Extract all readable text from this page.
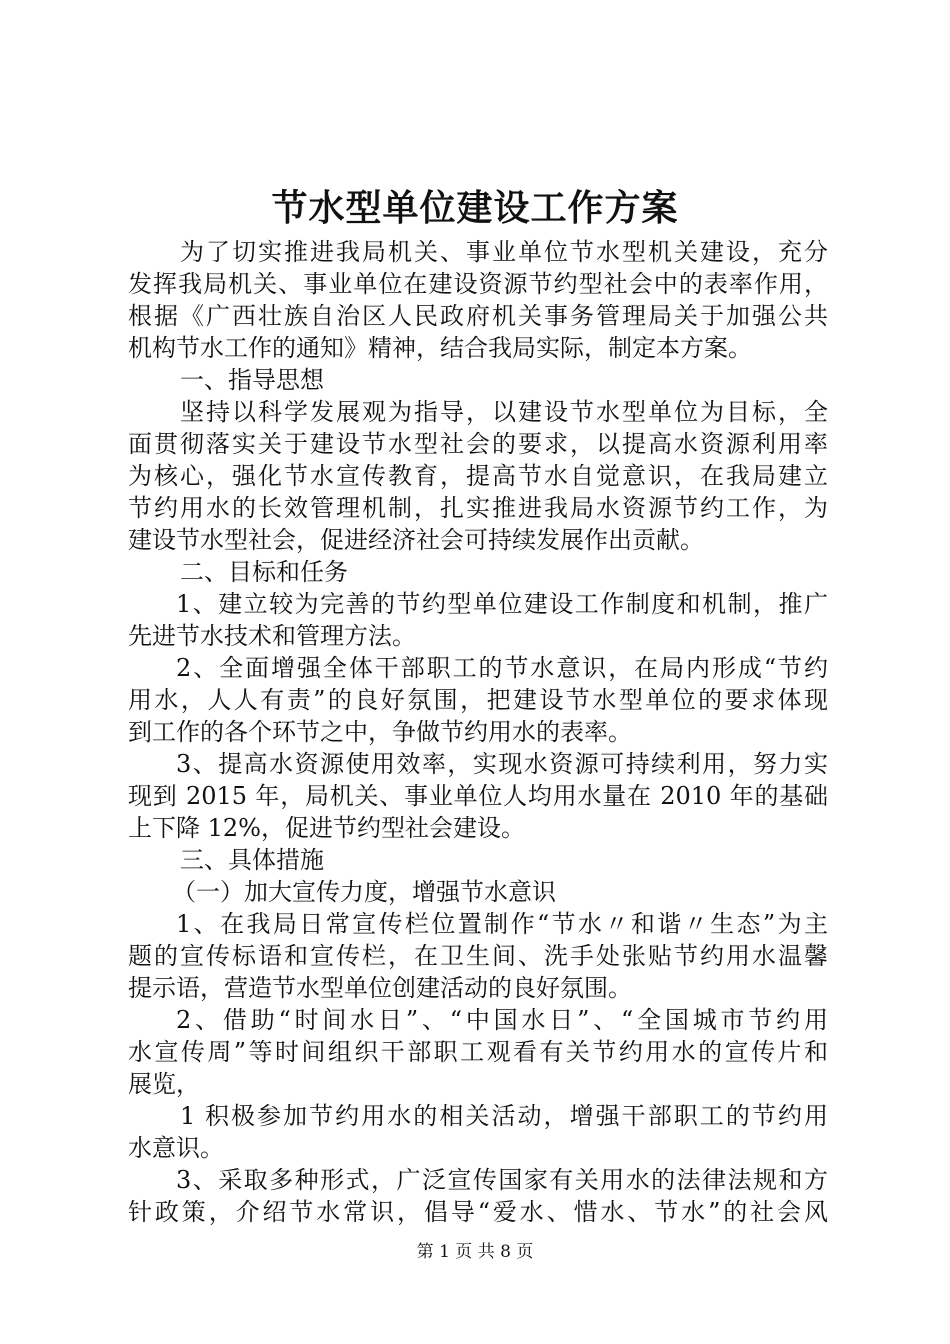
节水型单位建设工作方案
为了切实推进我局机关、事业单位节水型机关建设，充分
发挥我局机关、事业单位在建设资源节约型社会中的表率作用，
根据《广西壮族自治区人民政府机关事务管理局关于加强公共
机构节水工作的通知》精神，结合我局实际，制定本方案。
一、指导思想
坚持以科学发展观为指导，以建设节水型单位为目标，全
面贯彻落实关于建设节水型社会的要求，以提高水资源利用率
为核心，强化节水宣传教育，提高节水自觉意识，在我局建立
节约用水的长效管理机制，扎实推进我局水资源节约工作，为
建设节水型社会，促进经济社会可持续发展作出贡献。
二、目标和任务
1、建立较为完善的节约型单位建设工作制度和机制，推广
先进节水技术和管理方法。
2、全面增强全体干部职工的节水意识，在局内形成“节约
用水，人人有责”的良好氛围，把建设节水型单位的要求体现
到工作的各个环节之中，争做节约用水的表率。
3、提高水资源使用效率，实现水资源可持续利用，努力实
现到 2015 年，局机关、事业单位人均用水量在 2010 年的基础
上下降 12%，促进节约型社会建设。
三、具体措施
（一）加大宣传力度，增强节水意识
1、在我局日常宣传栏位置制作“节水〃和谐〃生态”为主
题的宣传标语和宣传栏，在卫生间、洗手处张贴节约用水温馨
提示语，营造节水型单位创建活动的良好氛围。
2、借助“时间水日”、“中国水日”、“全国城市节约用
水宣传周”等时间组织干部职工观看有关节约用水的宣传片和
展览，
1 积极参加节约用水的相关活动，增强干部职工的节约用
水意识。
3、采取多种形式，广泛宣传国家有关用水的法律法规和方
针政策，介绍节水常识，倡导“爱水、惜水、节水”的社会风
第 1 页 共 8 页
